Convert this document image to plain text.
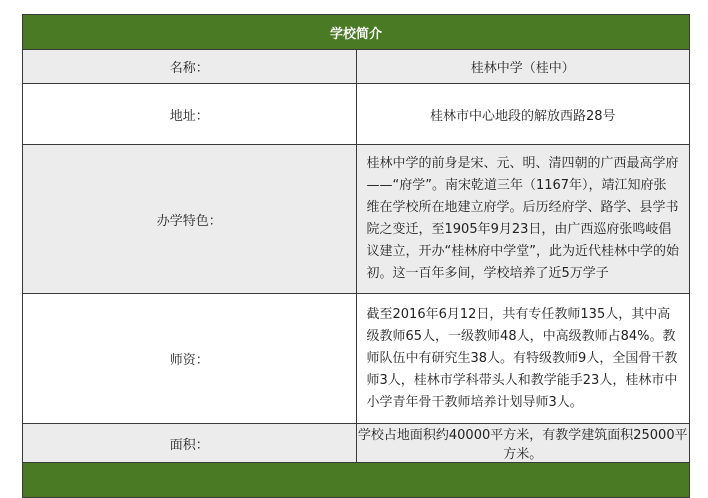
学校简介	
名称：	桂林中学（桂中）
地址：	桂林市中心地段的解放西路28号
办学特色：	桂林中学的前身是宋、元、明、清四朝的广西最高学府——“府学”。南宋乾道三年（1167年），靖江知府张维在学校所在地建立府学。后历经府学、路学、县学书院之变迁，至1905年9月23日，由广西巡府张鸣岐倡议建立，开办“桂林府中学堂”，此为近代桂林中学的始初。这一百年多间，学校培养了近5万学子
师资：	截至2016年6月12日，共有专任教师135人，其中高级教师65人，一级教师48人，中高级教师占84%。教师队伍中有研究生38人。有特级教师9人，全国骨干教师3人，桂林市学科带头人和教学能手23人，桂林市中小学青年骨干教师培养计划导师3人。
面积：	学校占地面积约40000平方米，有教学建筑面积25000平方米。
